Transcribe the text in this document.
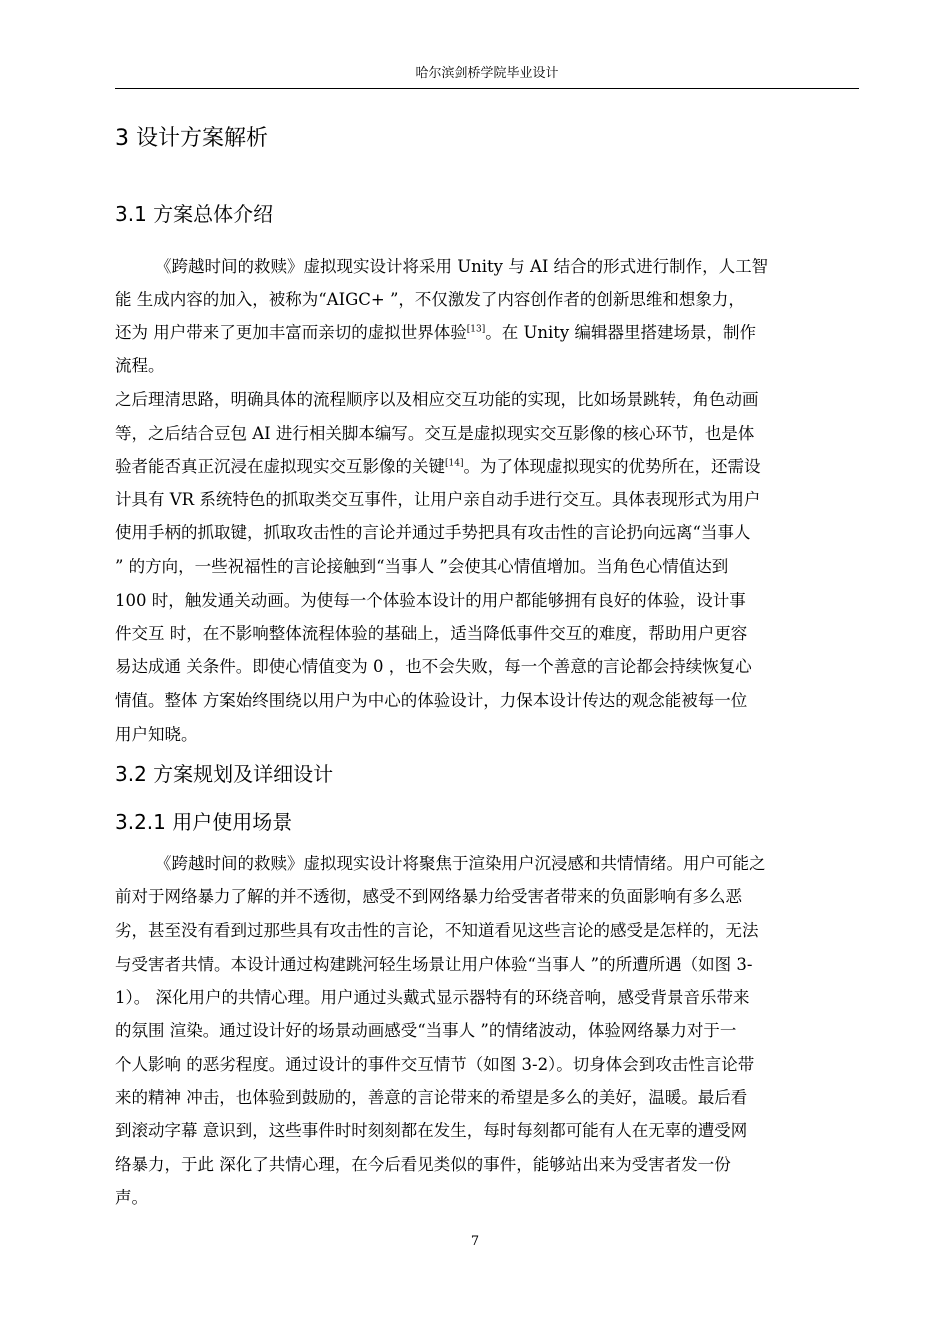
哈尔滨剑桥学院毕业设计
3 设计方案解析
3.1 方案总体介绍
《跨越时间的救赎》虚拟现实设计将采用 Unity 与 AI 结合的形式进行制作，人工智
能 生成内容的加入，被称为“AIGC+ ”，不仅激发了内容创作者的创新思维和想象力，
还为 用户带来了更加丰富而亲切的虚拟世界体验[13]。在 Unity 编辑器里搭建场景，制作
流程。
之后理清思路，明确具体的流程顺序以及相应交互功能的实现，比如场景跳转，角色动画
等，之后结合豆包 AI 进行相关脚本编写。交互是虚拟现实交互影像的核心环节，也是体
验者能否真正沉浸在虚拟现实交互影像的关键[14]。为了体现虚拟现实的优势所在，还需设
计具有 VR 系统特色的抓取类交互事件，让用户亲自动手进行交互。具体表现形式为用户
使用手柄的抓取键，抓取攻击性的言论并通过手势把具有攻击性的言论扔向远离“当事人
” 的方向，一些祝福性的言论接触到“当事人 ”会使其心情值增加。当角色心情值达到
100 时，触发通关动画。为使每一个体验本设计的用户都能够拥有良好的体验，设计事
件交互 时，在不影响整体流程体验的基础上，适当降低事件交互的难度，帮助用户更容
易达成通 关条件。即使心情值变为 0 ，也不会失败，每一个善意的言论都会持续恢复心
情值。整体 方案始终围绕以用户为中心的体验设计，力保本设计传达的观念能被每一位
用户知晓。
3.2 方案规划及详细设计
3.2.1 用户使用场景
《跨越时间的救赎》虚拟现实设计将聚焦于渲染用户沉浸感和共情情绪。用户可能之
前对于网络暴力了解的并不透彻，感受不到网络暴力给受害者带来的负面影响有多么恶
劣，甚至没有看到过那些具有攻击性的言论，不知道看见这些言论的感受是怎样的，无法
与受害者共情。本设计通过构建跳河轻生场景让用户体验“当事人 ”的所遭所遇（如图 3-
1）。 深化用户的共情心理。用户通过头戴式显示器特有的环绕音响，感受背景音乐带来
的氛围 渲染。通过设计好的场景动画感受“当事人 ”的情绪波动，体验网络暴力对于一
个人影响 的恶劣程度。通过设计的事件交互情节（如图 3-2）。切身体会到攻击性言论带
来的精神 冲击，也体验到鼓励的，善意的言论带来的希望是多么的美好，温暖。最后看
到滚动字幕 意识到，这些事件时时刻刻都在发生，每时每刻都可能有人在无辜的遭受网
络暴力，于此 深化了共情心理，在今后看见类似的事件，能够站出来为受害者发一份
声。
7
